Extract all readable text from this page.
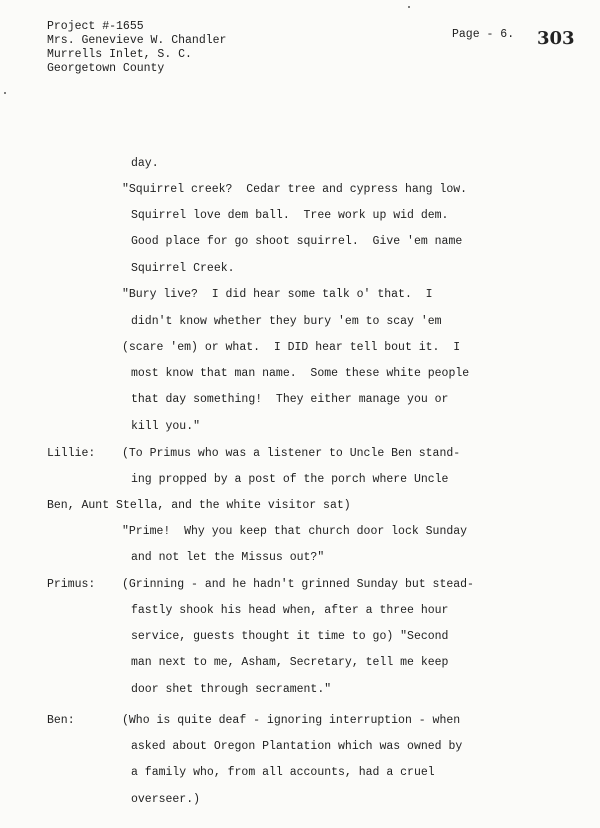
Project #-1655
Mrs. Genevieve W. Chandler
Murrells Inlet, S. C.
Georgetown County
Page - 6. 303
day.
"Squirrel creek?  Cedar tree and cypress hang low.
Squirrel love dem ball.  Tree work up wid dem.
Good place for go shoot squirrel.  Give 'em name
Squirrel Creek.
"Bury live?  I did hear some talk o' that.  I
didn't know whether they bury 'em to scay 'em
(scare 'em) or what.  I DID hear tell bout it.  I
most know that man name.  Some these white people
that day something!  They either manage you or
kill you."
Lillie: (To Primus who was a listener to Uncle Ben stand-
ing propped by a post of the porch where Uncle
Ben, Aunt Stella, and the white visitor sat)
"Prime!  Why you keep that church door lock Sunday
and not let the Missus out?"
Primus: (Grinning - and he hadn't grinned Sunday but stead-
fastly shook his head when, after a three hour
service, guests thought it time to go) "Second
man next to me, Asham, Secretary, tell me keep
door shet through secrament."
Ben:	(Who is quite deaf - ignoring interruption - when
asked about Oregon Plantation which was owned by
a family who, from all accounts, had a cruel
overseer.)
